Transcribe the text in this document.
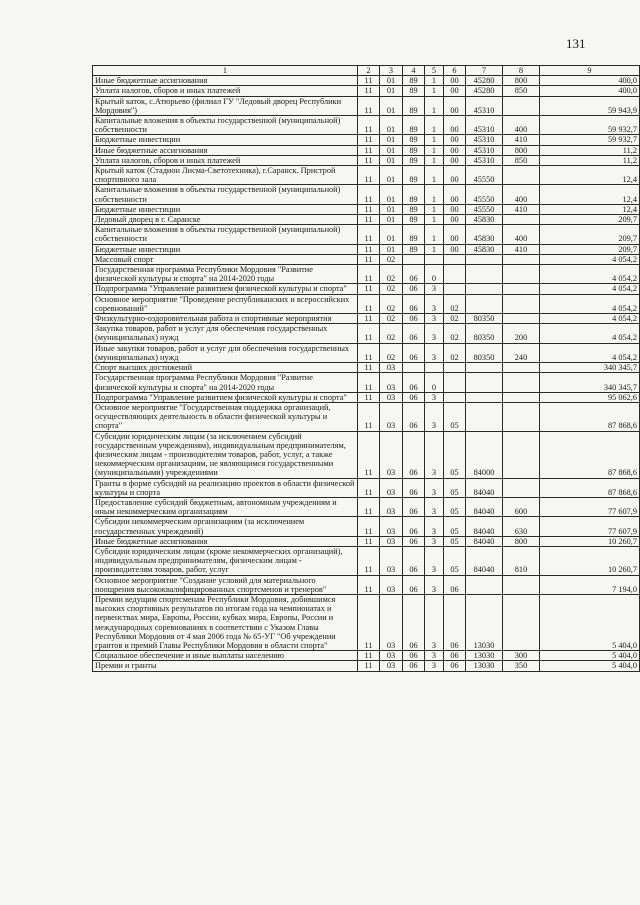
131
1	2	3	4	5	6	7	8	9
Иные бюджетные ассигнования	11	01	89	1	00	45280	800	400,0
Уплата налогов, сборов и иных платежей	11	01	89	1	00	45280	850	400,0
Крытый каток, с.Атюрьево (филиал ГУ "Ледовый дворец Республики Мордовия")	11	01	89	1	00	45310		59 943,9
Капитальные вложения в объекты государственной (муниципальной) собственности	11	01	89	1	00	45310	400	59 932,7
Бюджетные инвестиции	11	01	89	1	00	45310	410	59 932,7
Иные бюджетные ассигнования	11	01	89	1	00	45310	800	11,2
Уплата налогов, сборов и иных платежей	11	01	89	1	00	45310	850	11,2
Крытый каток (Стадион Лисма-Светотехника), г.Саранск. Пристрой спортивного зала	11	01	89	1	00	45550		12,4
Капитальные вложения в объекты государственной (муниципальной) собственности	11	01	89	1	00	45550	400	12,4
Бюджетные инвестиции	11	01	89	1	00	45550	410	12,4
Ледовый дворец в г. Саранске	11	01	89	1	00	45830		209,7
Капитальные вложения в объекты государственной (муниципальной) собственности	11	01	89	1	00	45830	400	209,7
Бюджетные инвестиции	11	01	89	1	00	45830	410	209,7
Массовый спорт	11	02						4 054,2
Государственная программа Республики Мордовия "Развитие физической культуры и спорта" на 2014-2020 годы	11	02	06	0				4 054,2
Подпрограмма "Управление развитием физической культуры и спорта"	11	02	06	3				4 054,2
Основное мероприятие "Проведение республиканских и всероссийских соревнований"	11	02	06	3	02			4 054,2
Физкультурно-оздоровительная работа и спортивные мероприятия	11	02	06	3	02	80350		4 054,2
Закупка товаров, работ и услуг для обеспечения государственных (муниципальных) нужд	11	02	06	3	02	80350	200	4 054,2
Иные закупки товаров, работ и услуг для обеспечения государственных (муниципальных) нужд	11	02	06	3	02	80350	240	4 054,2
Спорт высших достижений	11	03						340 345,7
Государственная программа Республики Мордовия "Развитие физической культуры и спорта" на 2014-2020 годы	11	03	06	0				340 345,7
Подпрограмма "Управление развитием физической культуры и спорта"	11	03	06	3				95 062,6
Основное мероприятие "Государственная поддержка организаций, осуществляющих деятельность в области физической культуры и спорта"	11	03	06	3	05			87 868,6
Субсидии юридическим лицам (за исключением субсидий государственным учреждениям), индивидуальным предпринимателям, физическим лицам - производителям товаров, работ, услуг, а также некоммерческим организациям, не являющимся государственными (муниципальными) учреждениями	11	03	06	3	05	84000		87 868,6
Гранты в форме субсидий на реализацию проектов в области физической культуры и спорта	11	03	06	3	05	84040		87 868,6
Предоставление субсидий бюджетным, автономным учреждениям и иным некоммерческим организациям	11	03	06	3	05	84040	600	77 607,9
Субсидии некоммерческим организациям (за исключением государственных учреждений)	11	03	06	3	05	84040	630	77 607,9
Иные бюджетные ассигнования	11	03	06	3	05	84040	800	10 260,7
Субсидии юридическим лицам (кроме некоммерческих организаций), индивидуальным предпринимателям, физическим лицам - производителям товаров, работ, услуг	11	03	06	3	05	84040	810	10 260,7
Основное мероприятие "Создание условий для материального поощрения высококвалифицированных спортсменов и тренеров"	11	03	06	3	06			7 194,0
Премии ведущим спортсменам Республики Мордовия, добившимся высоких спортивных результатов по итогам года на чемпионатах и первенствах мира, Европы, России, кубках мира, Европы, России и международных соревнованиях в соответствии с Указом Главы Республики Мордовия от 4 мая 2006 года № 65-УГ "Об учреждении грантов и премий Главы Республики Мордовия в области спорта"	11	03	06	3	06	13030		5 404,0
Социальное обеспечение и иные выплаты населению	11	03	06	3	06	13030	300	5 404,0
Премии и гранты	11	03	06	3	06	13030	350	5 404,0
